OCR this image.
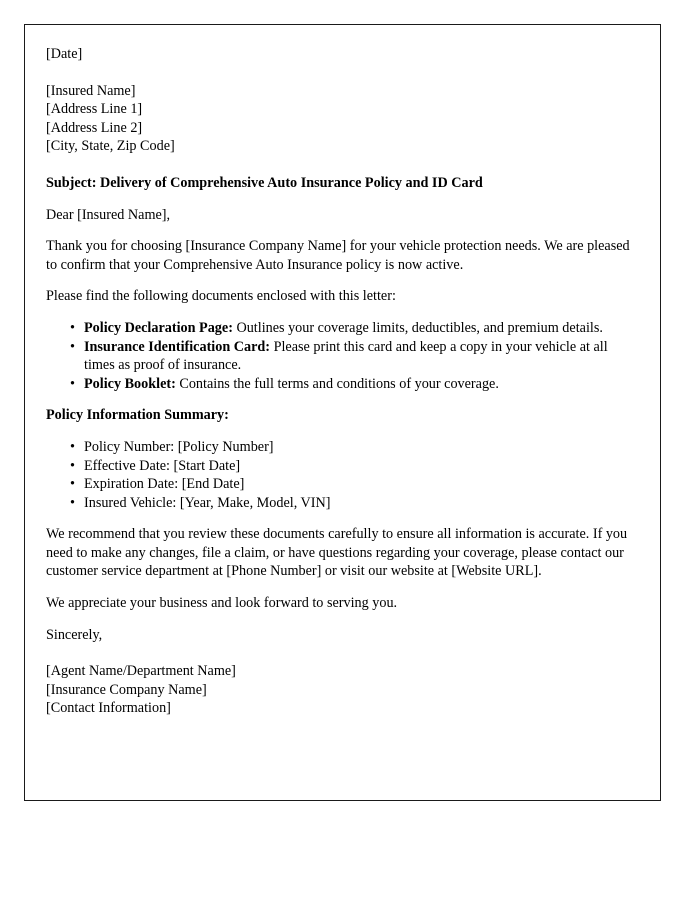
[Date]
[Insured Name]
[Address Line 1]
[Address Line 2]
[City, State, Zip Code]
Subject: Delivery of Comprehensive Auto Insurance Policy and ID Card
Dear [Insured Name],
Thank you for choosing [Insurance Company Name] for your vehicle protection needs. We are pleased to confirm that your Comprehensive Auto Insurance policy is now active.
Please find the following documents enclosed with this letter:
• Policy Declaration Page: Outlines your coverage limits, deductibles, and premium details.
• Insurance Identification Card: Please print this card and keep a copy in your vehicle at all times as proof of insurance.
• Policy Booklet: Contains the full terms and conditions of your coverage.
Policy Information Summary:
• Policy Number: [Policy Number]
• Effective Date: [Start Date]
• Expiration Date: [End Date]
• Insured Vehicle: [Year, Make, Model, VIN]
We recommend that you review these documents carefully to ensure all information is accurate. If you need to make any changes, file a claim, or have questions regarding your coverage, please contact our customer service department at [Phone Number] or visit our website at [Website URL].
We appreciate your business and look forward to serving you.
Sincerely,
[Agent Name/Department Name]
[Insurance Company Name]
[Contact Information]
